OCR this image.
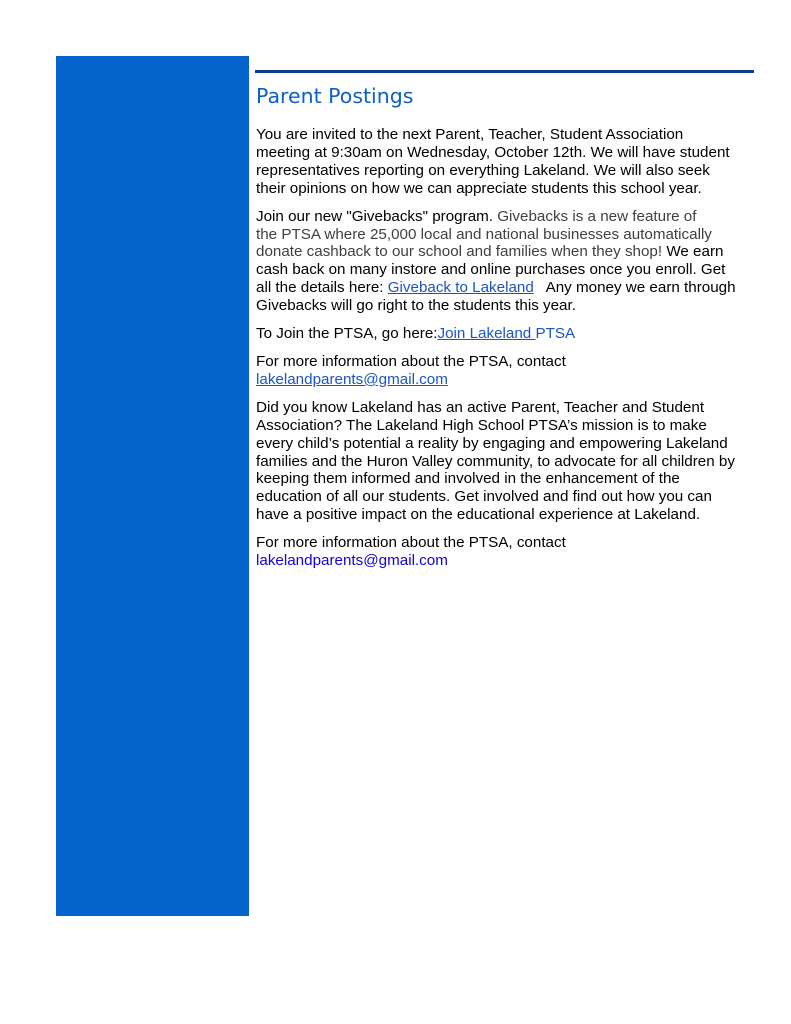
Parent Postings

You are invited to the next Parent, Teacher, Student Association
meeting at 9:30am on Wednesday, October 12th. We will have student
representatives reporting on everything Lakeland. We will also seek
their opinions on how we can appreciate students this school year.

Join our new "Givebacks" program. Givebacks is a new feature of
the PTSA where 25,000 local and national businesses automatically
donate cashback to our school and families when they shop! We earn
cash back on many instore and online purchases once you enroll. Get
all the details here: Giveback to Lakeland   Any money we earn through
Givebacks will go right to the students this year.

To Join the PTSA, go here:Join Lakeland PTSA

For more information about the PTSA, contact
lakelandparents@gmail.com

Did you know Lakeland has an active Parent, Teacher and Student
Association? The Lakeland High School PTSA’s mission is to make
every child’s potential a reality by engaging and empowering Lakeland
families and the Huron Valley community, to advocate for all children by
keeping them informed and involved in the enhancement of the
education of all our students. Get involved and find out how you can
have a positive impact on the educational experience at Lakeland.

For more information about the PTSA, contact
lakelandparents@gmail.com
